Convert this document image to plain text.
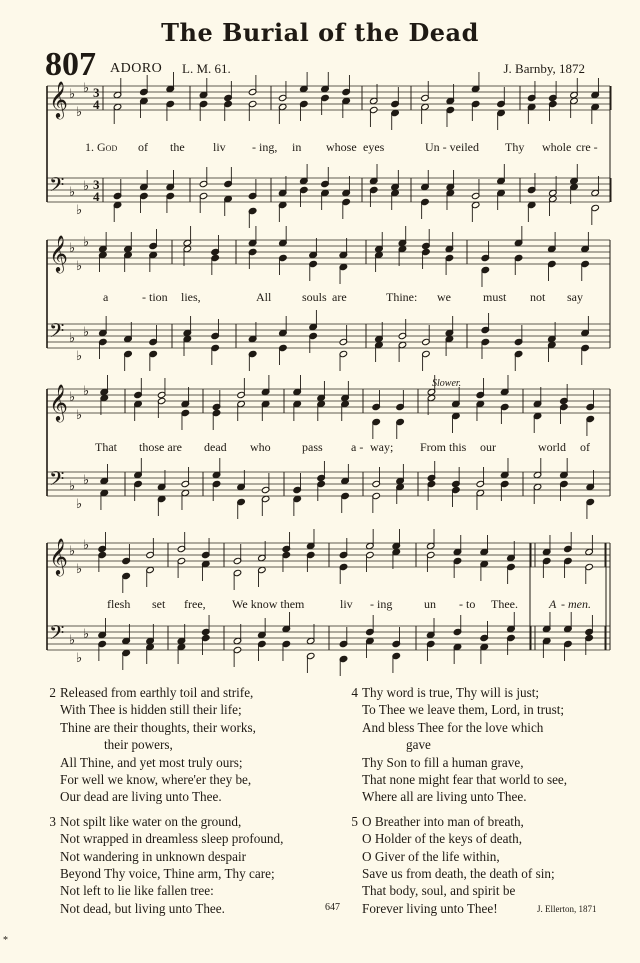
The Burial of the Dead
807 ADORO L. M. 61.	J. Barnby, 1872
𝄞 ♭
♭
♭ 3
4
𝄢 ♭
♭
♭ 3
4
𝄞 ♭
♭
♭
𝄢 ♭
♭
♭
𝄞 ♭
♭
♭
𝄢 ♭
♭
♭
𝄞 ♭
♭
♭
𝄢 ♭
♭
♭
Slower.
1. God of the liv - ing, in whose eyes	Un - veiled Thy whole cre -
a	- tion lies,	All	souls are	Thine: we	must not say
That those are dead who	pass a - way; From this our	world of
flesh set free, We know them	liv - ing	un - to Thee.	A - men.
2 Released from earthly toil and strife,
With Thee is hidden still their life;
Thine are their thoughts, their works,
their powers,
All Thine, and yet most truly ours;
For well we know, where'er they be,
Our dead are living unto Thee.
3 Not spilt like water on the ground,
Not wrapped in dreamless sleep profound,
Not wandering in unknown despair
Beyond Thy voice, Thine arm, Thy care;
Not left to lie like fallen tree:
Not dead, but living unto Thee.
4 Thy word is true, Thy will is just;
To Thee we leave them, Lord, in trust;
And bless Thee for the love which
gave
Thy Son to fill a human grave,
That none might fear that world to see,
Where all are living unto Thee.
5 O Breather into man of breath,
O Holder of the keys of death,
O Giver of the life within,
Save us from death, the death of sin;
That body, soul, and spirit be
Forever living unto Thee!
647	J. Ellerton, 1871
*
